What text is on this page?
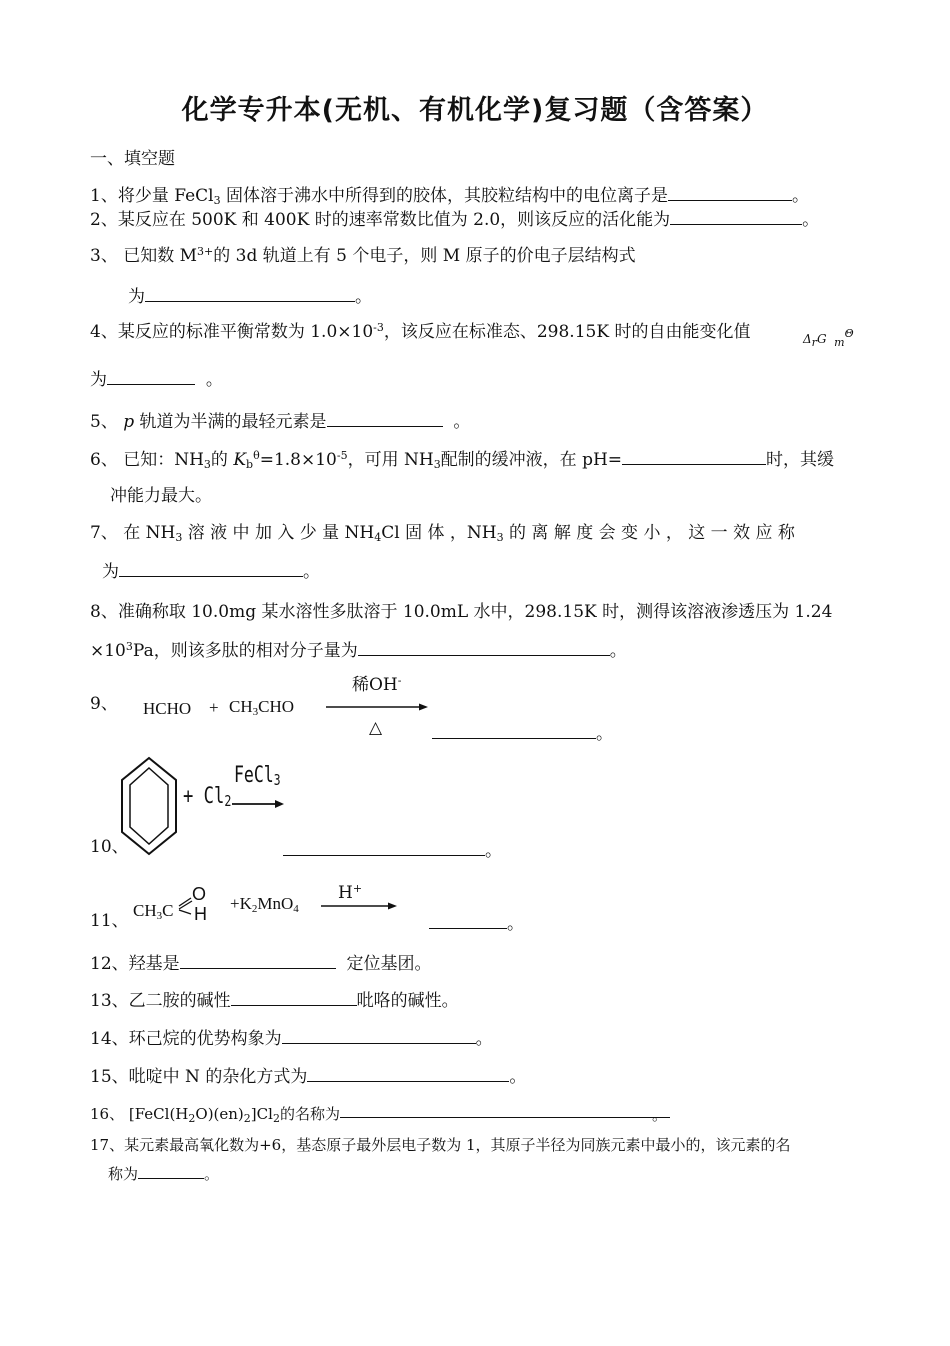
化学专升本(无机、有机化学)复习题（含答案）
一、填空题
1、将少量 FeCl$_3$ 固体溶于沸水中所得到的胶体，其胶粒结构中的电位离子是	。
2、某反应在 500K 和 400K 时的速率常数比值为 2.0，则该反应的活化能为	。
3、 已知数 $M^{3+}$的 3d 轨道上有 5 个电子，则 M 原子的价电子层结构式
为	。
4、某反应的标准平衡常数为 $1.0\times 10^{-3}$，该反应在标准态、298.15K 时的自由能变化值	$\Delta_rG$  $_m^\Theta$
为	。
5、 p 轨道为半满的最轻元素是	。
6、 已知：$NH_3$的 $K_b^\theta=1.8\times 10^{-5}$，可用 $NH_3$配制的缓冲液，在 pH=	时，其缓
冲能力最大。
7、 在 $NH_3$ 溶 液 中 加 入 少 量 $NH_4Cl$ 固 体 ，$NH_3$ 的 离 解 度 会 变 小 ， 这 一 效 应 称
为	。
8、准确称取 10.0mg 某水溶性多肽溶于 10.0mL 水中，298.15K 时，测得该溶液渗透压为 1.24
$\times 10^3Pa$，则该多肽的相对分子量为	。
9、 HCHO + $CH_3CHO$
稀OH-
△	。
+ $Cl_2$
FeCl$_3$
10、	。
11、
$CH_3C$
O
H
$+K_2MnO_4$
H+
。
12、羟基是	定位基团。
13、乙二胺的碱性	吡咯的碱性。
14、环己烷的优势构象为	。
15、吡啶中 N 的杂化方式为	。
16、 $[FeCl(H_2O)(en)_2]Cl_2$的名称为	。
17、某元素最高氧化数为+6，基态原子最外层电子数为 1，其原子半径为同族元素中最小的，该元素的名
称为	。
